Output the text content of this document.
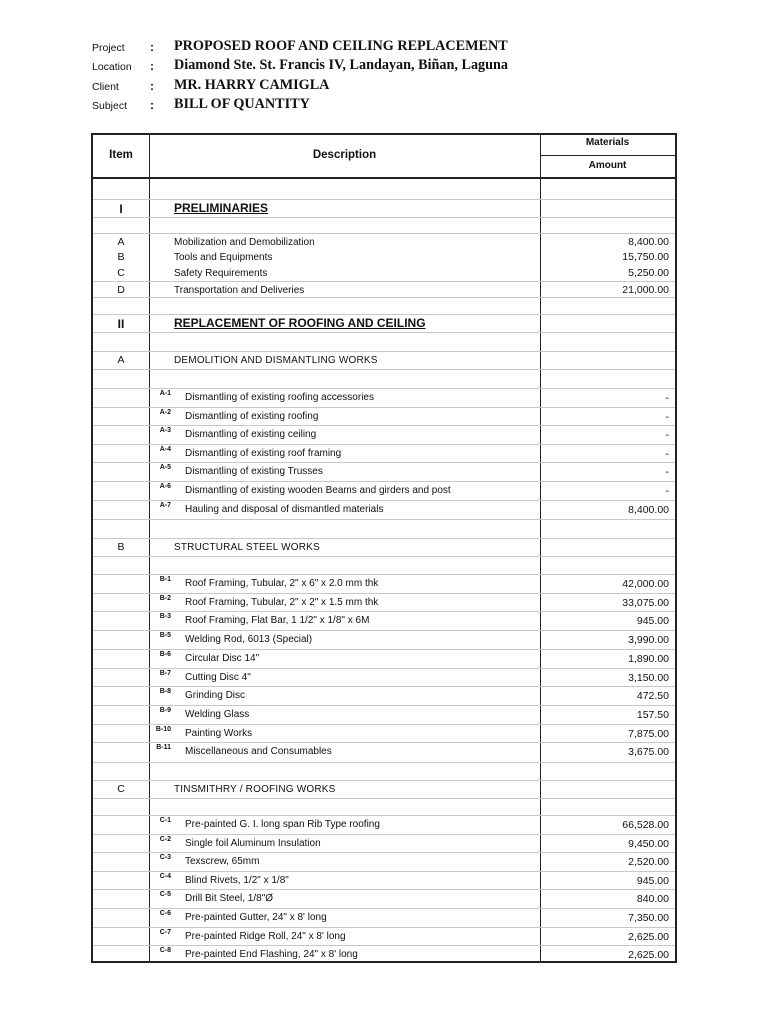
Project : PROPOSED ROOF AND CEILING REPLACEMENT
Location : Diamond Ste. St. Francis IV, Landayan, Biñan, Laguna
Client	: MR. HARRY CAMIGLA
Subject : BILL OF QUANTITY
Item	Description
Materials
Amount
I	PRELIMINARIES
A	Mobilization and Demobilization	8,400.00
B	Tools and Equipments	15,750.00
C	Safety Requirements	5,250.00
D	Transportation and Deliveries	21,000.00
II	REPLACEMENT OF ROOFING AND CEILING
A	DEMOLITION AND DISMANTLING WORKS
A-1 Dismantling of existing roofing accessories	-
A-2 Dismantling of existing roofing	-
A-3 Dismantling of existing ceiling	-
A-4 Dismantling of existing roof framing	-
A-5 Dismantling of existing Trusses	-
A-6 Dismantling of existing wooden Beams and girders and post	-
A-7 Hauling and disposal of dismantled materials	8,400.00
B	STRUCTURAL STEEL WORKS
B-1 Roof Framing, Tubular, 2" x 6" x 2.0 mm thk	42,000.00
B-2 Roof Framing, Tubular, 2" x 2" x 1.5 mm thk	33,075.00
B-3 Roof Framing, Flat Bar, 1 1/2" x 1/8" x 6M	945.00
B-5 Welding Rod, 6013 (Special)	3,990.00
B-6 Circular Disc 14"	1,890.00
B-7 Cutting Disc 4"	3,150.00
B-8 Grinding Disc	472.50
B-9 Welding Glass	157.50
B-10 Painting Works	7,875.00
B-11 Miscellaneous and Consumables	3,675.00
C	TINSMITHRY / ROOFING WORKS
C-1 Pre-painted G. I. long span Rib Type roofing	66,528.00
C-2 Single foil Aluminum Insulation	9,450.00
C-3 Texscrew, 65mm	2,520.00
C-4 Blind Rivets, 1/2" x 1/8"	945.00
C-5 Drill Bit Steel, 1/8"Ø	840.00
C-6 Pre-painted Gutter, 24" x 8' long	7,350.00
C-7 Pre-painted Ridge Roll, 24" x 8' long	2,625.00
C-8 Pre-painted End Flashing, 24" x 8' long	2,625.00
